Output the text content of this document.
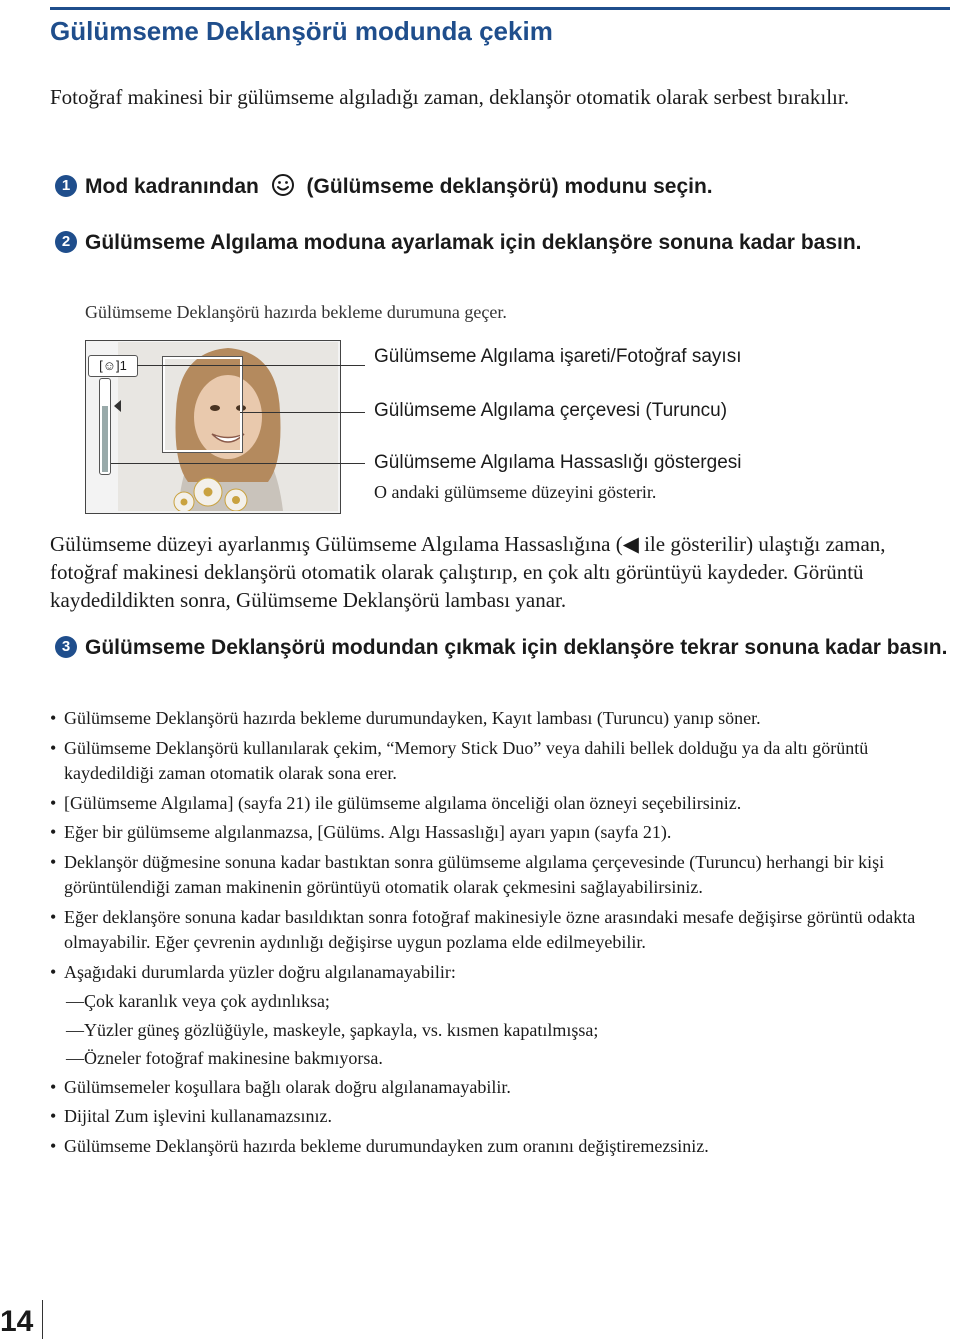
Gülümseme Deklanşörü modunda çekim
Fotoğraf makinesi bir gülümseme algıladığı zaman, deklanşör otomatik olarak serbest bırakılır.
1 Mod kadranından (Gülümseme deklanşörü) modunu seçin.
2 Gülümseme Algılama moduna ayarlamak için deklanşöre sonuna kadar basın.
Gülümseme Deklanşörü hazırda bekleme durumuna geçer.
[☺]1	Gülümseme Algılama işareti/Fotoğraf sayısı
Gülümseme Algılama çerçevesi (Turuncu)
Gülümseme Algılama Hassaslığı göstergesi
O andaki gülümseme düzeyini gösterir.
Gülümseme düzeyi ayarlanmış Gülümseme Algılama Hassaslığına (◀ ile gösterilir) ulaştığı zaman, fotoğraf makinesi deklanşörü otomatik olarak çalıştırıp, en çok altı görüntüyü kaydeder. Görüntü kaydedildikten sonra, Gülümseme Deklanşörü lambası yanar.
3 Gülümseme Deklanşörü modundan çıkmak için deklanşöre tekrar sonuna kadar basın.
• Gülümseme Deklanşörü hazırda bekleme durumundayken, Kayıt lambası (Turuncu) yanıp söner.
• Gülümseme Deklanşörü kullanılarak çekim, “Memory Stick Duo” veya dahili bellek dolduğu ya da altı görüntü kaydedildiği zaman otomatik olarak sona erer.
• [Gülümseme Algılama] (sayfa 21) ile gülümseme algılama önceliği olan özneyi seçebilirsiniz.
• Eğer bir gülümseme algılanmazsa, [Gülüms. Algı Hassaslığı] ayarı yapın (sayfa 21).
• Deklanşör düğmesine sonuna kadar bastıktan sonra gülümseme algılama çerçevesinde (Turuncu) herhangi bir kişi görüntülendiği zaman makinenin görüntüyü otomatik olarak çekmesini sağlayabilirsiniz.
• Eğer deklanşöre sonuna kadar basıldıktan sonra fotoğraf makinesiyle özne arasındaki mesafe değişirse görüntü odakta olmayabilir. Eğer çevrenin aydınlığı değişirse uygun pozlama elde edilmeyebilir.
• Aşağıdaki durumlarda yüzler doğru algılanamayabilir:
— Çok karanlık veya çok aydınlıksa;
— Yüzler güneş gözlüğüyle, maskeyle, şapkayla, vs. kısmen kapatılmışsa;
— Özneler fotoğraf makinesine bakmıyorsa.
• Gülümsemeler koşullara bağlı olarak doğru algılanamayabilir.
• Dijital Zum işlevini kullanamazsınız.
• Gülümseme Deklanşörü hazırda bekleme durumundayken zum oranını değiştiremezsiniz.
14
